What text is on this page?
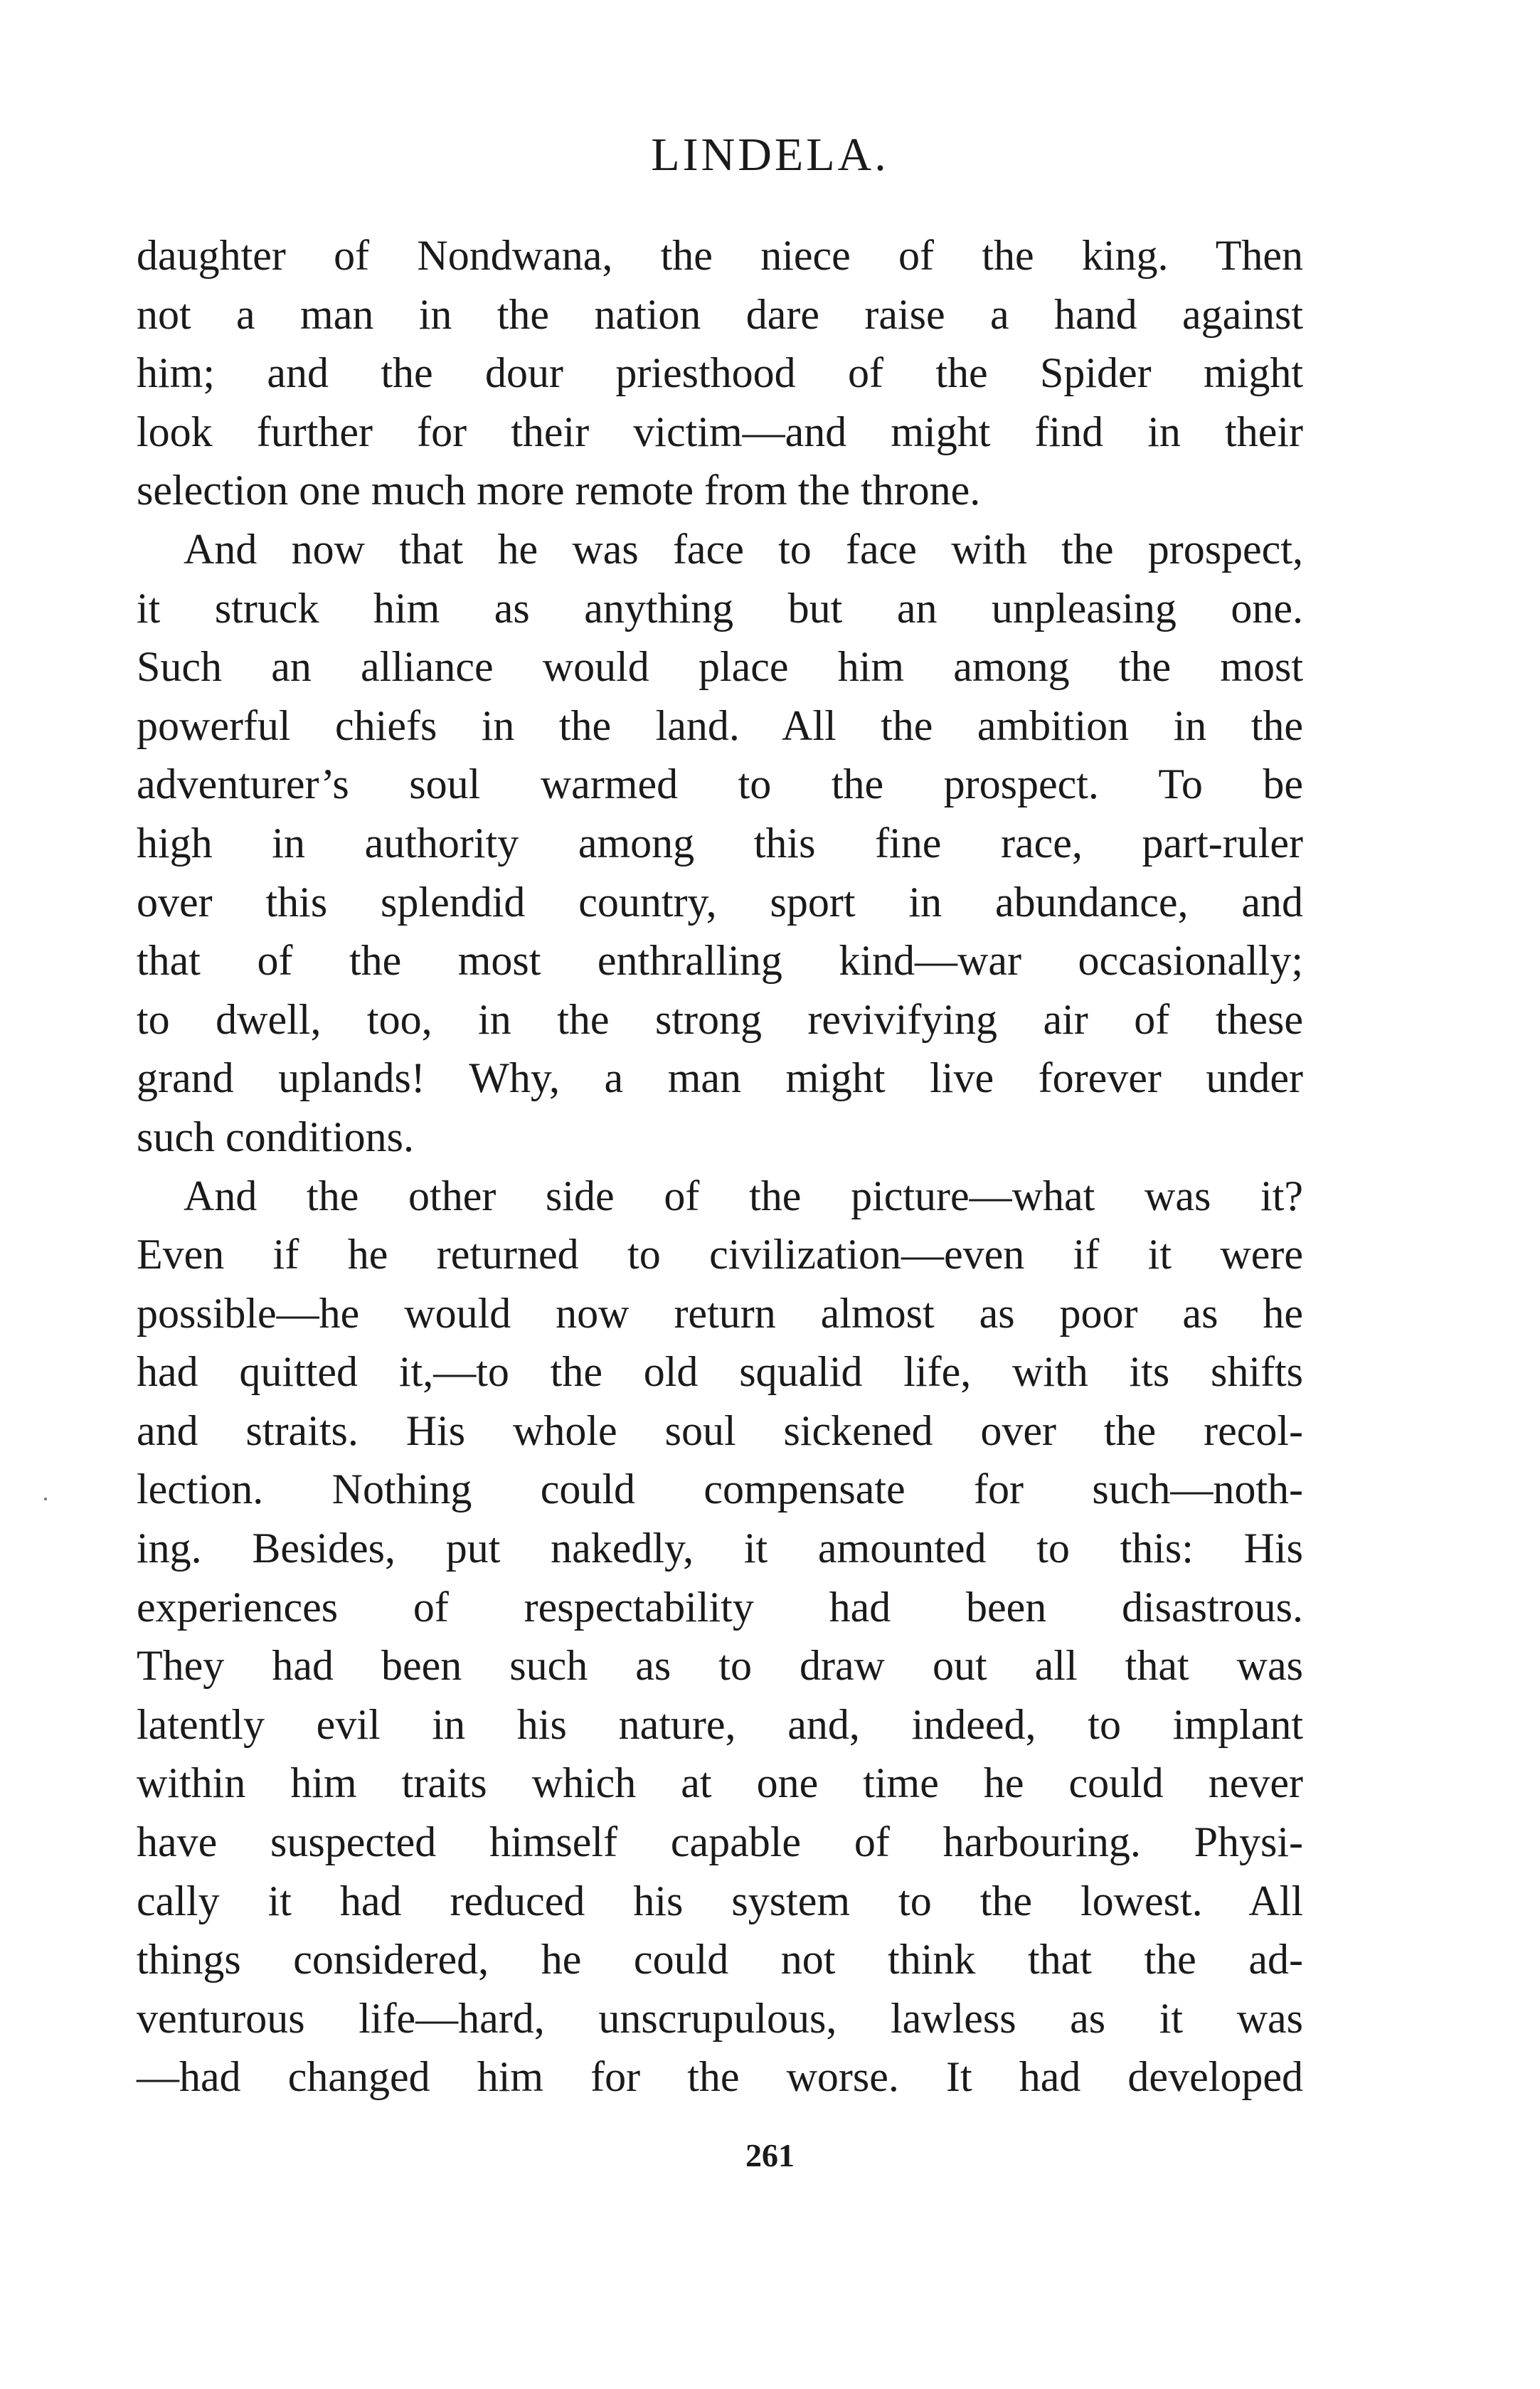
LINDELA.
daughter of Nondwana, the niece of the king. Then
not a man in the nation dare raise a hand against
him; and the dour priesthood of the Spider might
look further for their victim—and might find in their
selection one much more remote from the throne.
And now that he was face to face with the prospect,
it struck him as anything but an unpleasing one.
Such an alliance would place him among the most
powerful chiefs in the land. All the ambition in the
adventurer’s soul warmed to the prospect. To be
high in authority among this fine race, part-ruler
over this splendid country, sport in abundance, and
that of the most enthralling kind—war occasionally;
to dwell, too, in the strong revivifying air of these
grand uplands! Why, a man might live forever under
such conditions.
And the other side of the picture—what was it?
Even if he returned to civilization—even if it were
possible—he would now return almost as poor as he
had quitted it,—to the old squalid life, with its shifts
and straits. His whole soul sickened over the recol-
lection. Nothing could compensate for such—noth-
ing. Besides, put nakedly, it amounted to this: His
experiences of respectability had been disastrous.
They had been such as to draw out all that was
latently evil in his nature, and, indeed, to implant
within him traits which at one time he could never
have suspected himself capable of harbouring. Physi-
cally it had reduced his system to the lowest. All
things considered, he could not think that the ad-
venturous life—hard, unscrupulous, lawless as it was
—had changed him for the worse. It had developed
261
